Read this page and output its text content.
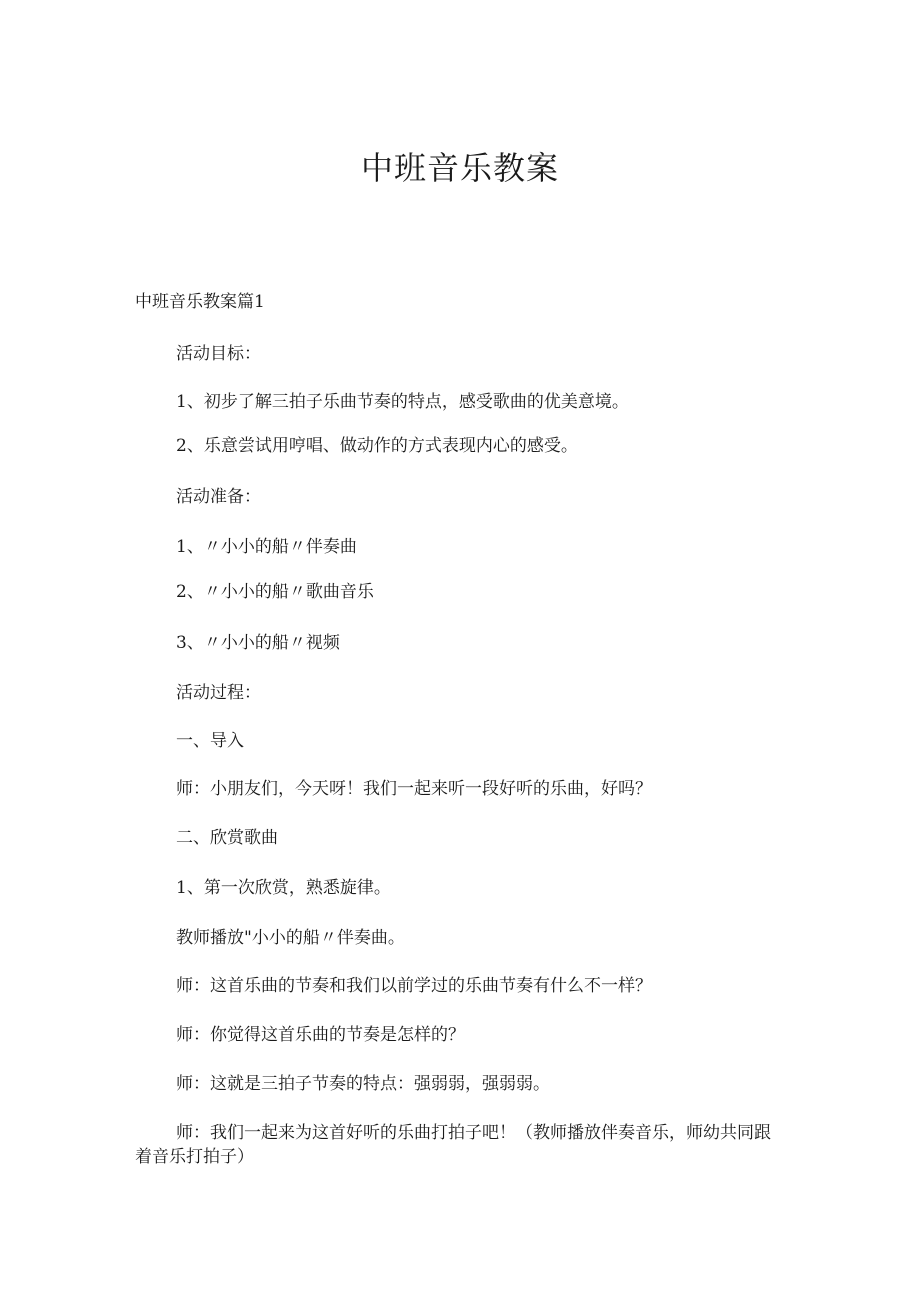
中班音乐教案
中班音乐教案篇1
活动目标：
1、初步了解三拍子乐曲节奏的特点，感受歌曲的优美意境。
2、乐意尝试用哼唱、做动作的方式表现内心的感受。
活动准备：
1、〃小小的船〃伴奏曲
2、〃小小的船〃歌曲音乐
3、〃小小的船〃视频
活动过程：
一、导入
师：小朋友们，今天呀！我们一起来听一段好听的乐曲，好吗？
二、欣赏歌曲
1、第一次欣赏，熟悉旋律。
教师播放"小小的船〃伴奏曲。
师：这首乐曲的节奏和我们以前学过的乐曲节奏有什么不一样？
师：你觉得这首乐曲的节奏是怎样的？
师：这就是三拍子节奏的特点：强弱弱，强弱弱。
师：我们一起来为这首好听的乐曲打拍子吧！（教师播放伴奏音乐，师幼共同跟着音乐打拍子）
